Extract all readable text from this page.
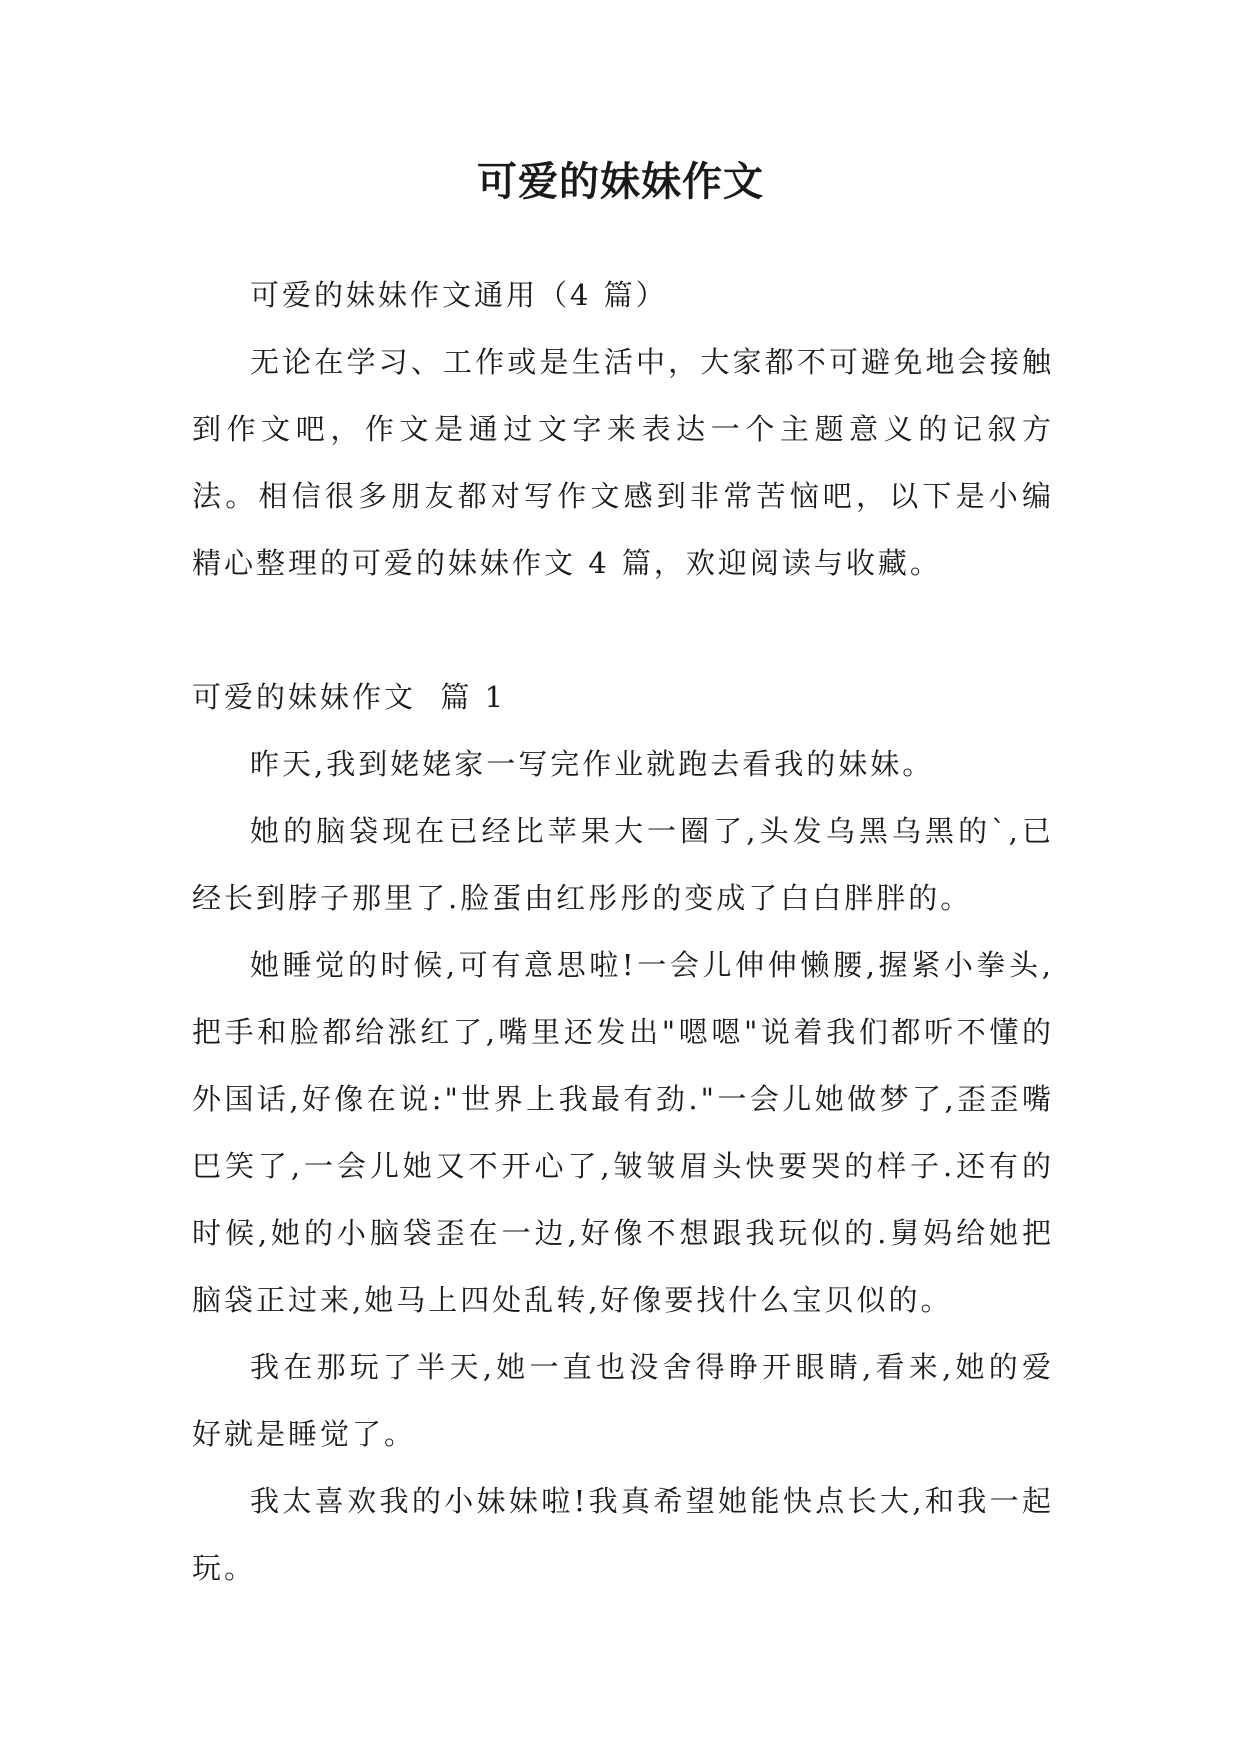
可爱的妹妹作文

可爱的妹妹作文通用（4 篇）

无论在学习、工作或是生活中，大家都不可避免地会接触到作文吧，作文是通过文字来表达一个主题意义的记叙方法。相信很多朋友都对写作文感到非常苦恼吧，以下是小编精心整理的可爱的妹妹作文 4 篇，欢迎阅读与收藏。

可爱的妹妹作文  篇 1

昨天,我到姥姥家一写完作业就跑去看我的妹妹。

她的脑袋现在已经比苹果大一圈了,头发乌黑乌黑的`,已经长到脖子那里了.脸蛋由红彤彤的变成了白白胖胖的。

她睡觉的时候,可有意思啦!一会儿伸伸懒腰,握紧小拳头,把手和脸都给涨红了,嘴里还发出"嗯嗯"说着我们都听不懂的外国话,好像在说:"世界上我最有劲."一会儿她做梦了,歪歪嘴巴笑了,一会儿她又不开心了,皱皱眉头快要哭的样子.还有的时候,她的小脑袋歪在一边,好像不想跟我玩似的.舅妈给她把脑袋正过来,她马上四处乱转,好像要找什么宝贝似的。

我在那玩了半天,她一直也没舍得睁开眼睛,看来,她的爱好就是睡觉了。

我太喜欢我的小妹妹啦!我真希望她能快点长大,和我一起玩。
